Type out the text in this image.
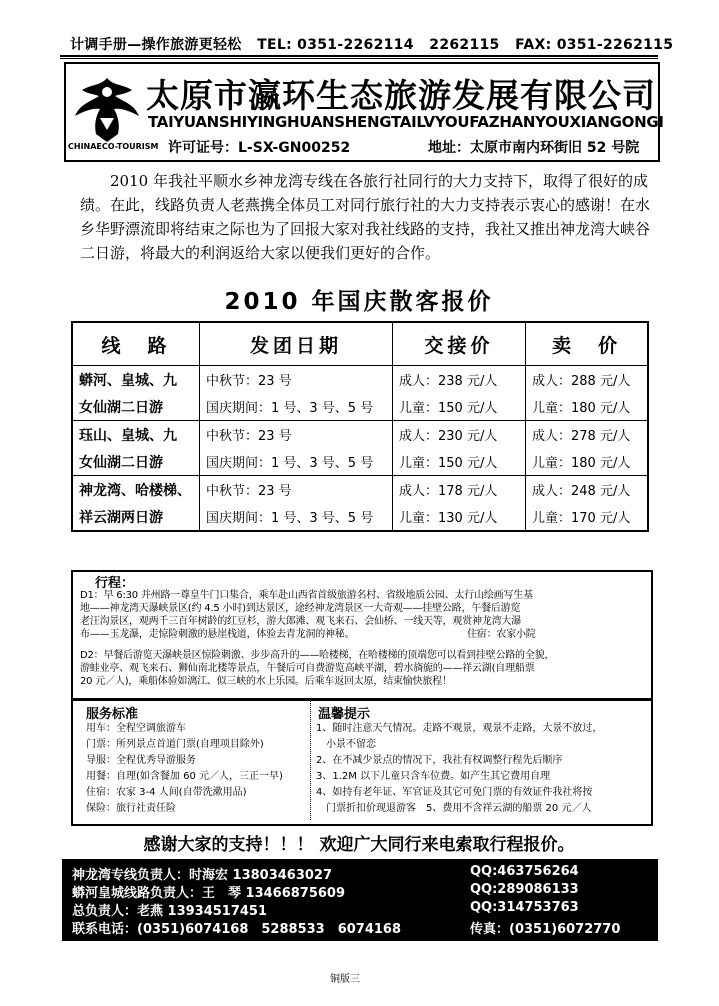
计调手册—操作旅游更轻松 TEL: 0351-2262114 2262115 FAX: 0351-2262115
CHINAECO-TOURISM
太原市瀛环生态旅游发展有限公司
TAIYUANSHIYINGHUANSHENGTAILVYOUFAZHANYOUXIANGONGI
许可证号：L-SX-GN00252	地址：太原市南内环街旧 52 号院
2010 年我社平顺水乡神龙湾专线在各旅行社同行的大力支持下，取得了很好的成绩。在此，线路负责人老燕携全体员工对同行旅行社的大力支持表示衷心的感谢！在水乡华野漂流即将结束之际也为了回报大家对我社线路的支持，我社又推出神龙湾大峡谷二日游，将最大的利润返给大家以便我们更好的合作。
2010 年国庆散客报价
线　路	发团日期	交接价	卖　价
蟒河、皇城、九	中秋节：23 号	成人：238 元/人	成人：288 元/人
女仙湖二日游	国庆期间：1 号、3 号、5 号	儿童：150 元/人	儿童：180 元/人
珏山、皇城、九	中秋节：23 号	成人：230 元/人	成人：278 元/人
女仙湖二日游	国庆期间：1 号、3 号、5 号	儿童：150 元/人	儿童：180 元/人
神龙湾、哈楼梯、	中秋节：23 号	成人：178 元/人	成人：248 元/人
祥云湖两日游	国庆期间：1 号、3 号、5 号	儿童：130 元/人	儿童：170 元/人
行程：
D1：早 6:30 并州路一尊皇牛门口集合，乘车赴山西省首级旅游名村、省级地质公园、太行山绘画写生基
地——神龙湾天瀑峡景区(约 4.5 小时)到达景区，途经神龙湾景区一大奇观——挂壁公路，午餐后游览
老汪沟景区，观两千三百年树龄的红豆杉，游大郎滩、观飞来石、会仙桥、一线天等，观赏神龙湾大瀑
布——玉龙瀑，走惊险刺激的悬崖栈道，体验去青龙洞的神秘。　　　　　　　　　　　　住宿：农家小院
D2：早餐后游览天瀑峡景区惊险刺激、步步高升的——哈楼梯，在哈楼梯的顶端您可以看到挂壁公路的全貌，
游蛙业亭、观飞来石、狮仙南北楼等景点，午餐后可自费游览高峡平湖，碧水旖旎的——祥云湖(自理船票
20 元／人)，乘船体验如漓江、似三峡的水上乐园。后乘车返回太原，结束愉快旅程！
服务标准
用车：全程空调旅游车
门票：所列景点首道门票(自理项目除外)
导服：全程优秀导游服务
用餐：自理(如含餐加 60 元／人，三正一早)
住宿：农家 3-4 人间(自带洗漱用品)
保险：旅行社责任险
温馨提示
1、随时注意天气情况。走路不观景，观景不走路，大景不放过，
　小景不留恋
2、在不减少景点的情况下，我社有权调整行程先后顺序
3、1.2M 以下儿童只含车位费。如产生其它费用自理
4、如持有老年证、军官证及其它可免门票的有效证件我社将按
　门票折扣价现退游客　5、费用不含祥云湖的船票 20 元／人
感谢大家的支持！！！ 欢迎广大同行来电索取行程报价。
神龙湾专线负责人：时海宏 13803463027	QQ:463756264
蟒河皇城线路负责人：王　琴 13466875609	QQ:289086133
总负责人：老燕 13934517451	QQ:314753763
联系电话：(0351)6074168　5288533　6074168	传真：(0351)6072770
铜版三
